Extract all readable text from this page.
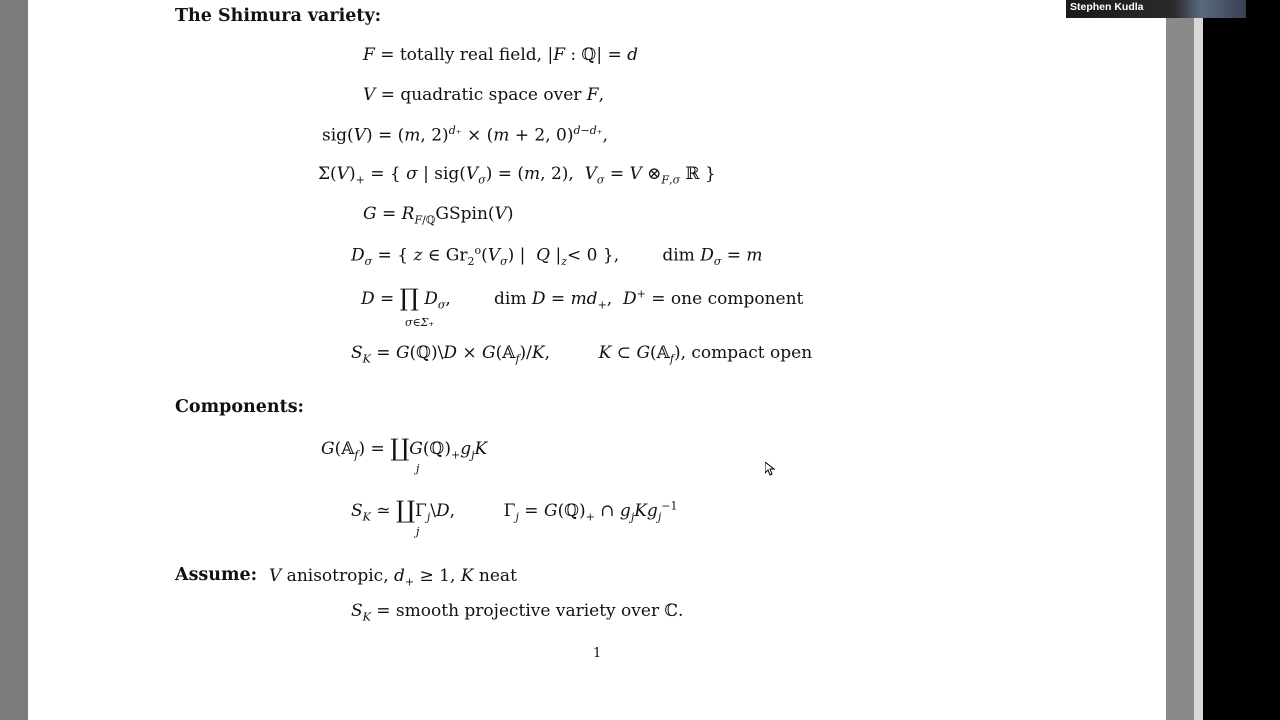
The Shimura variety:
F = totally real field, |F : ℚ| = d
V = quadratic space over F,
sig(V) = (m, 2)$^{d_+}$ × (m + 2, 0)$^{d-d_+}$,
$\Sigma(V)_+$ = { σ | $sig(V_\sigma) = (m$, 2),  $V_\sigma = V$ $\otimes_{F,\sigma}$ ℝ }
$G = R_{F/ℚ}GSpin(V)$
$D_\sigma$ = { z ∈ $Gr_2^o(V_\sigma)$ |  Q $|_z< 0$ },        dim $D_\sigma = m$
D = ∏ $D_\sigma$,        dim $D = md_+$,  D+ = one component
σ∈Σ₊
$S_K$ = G(ℚ)\D × G(𝔸$_f$)/K,         K ⊂ G(𝔸$_f$), compact open
Components:
G(𝔸$_f$) = $∐G(ℚ)_+g_jK$
j
$S_K$ ≃ $∐\Gamma_j\backslash D$,         $\Gamma_j$ = $G(ℚ)_+$ ∩ $g_jKg_j^{-1}$
j
Assume: V anisotropic, $d_+ \ge 1$, K neat
$S_K$ = smooth projective variety over ℂ.
1
Stephen Kudla
